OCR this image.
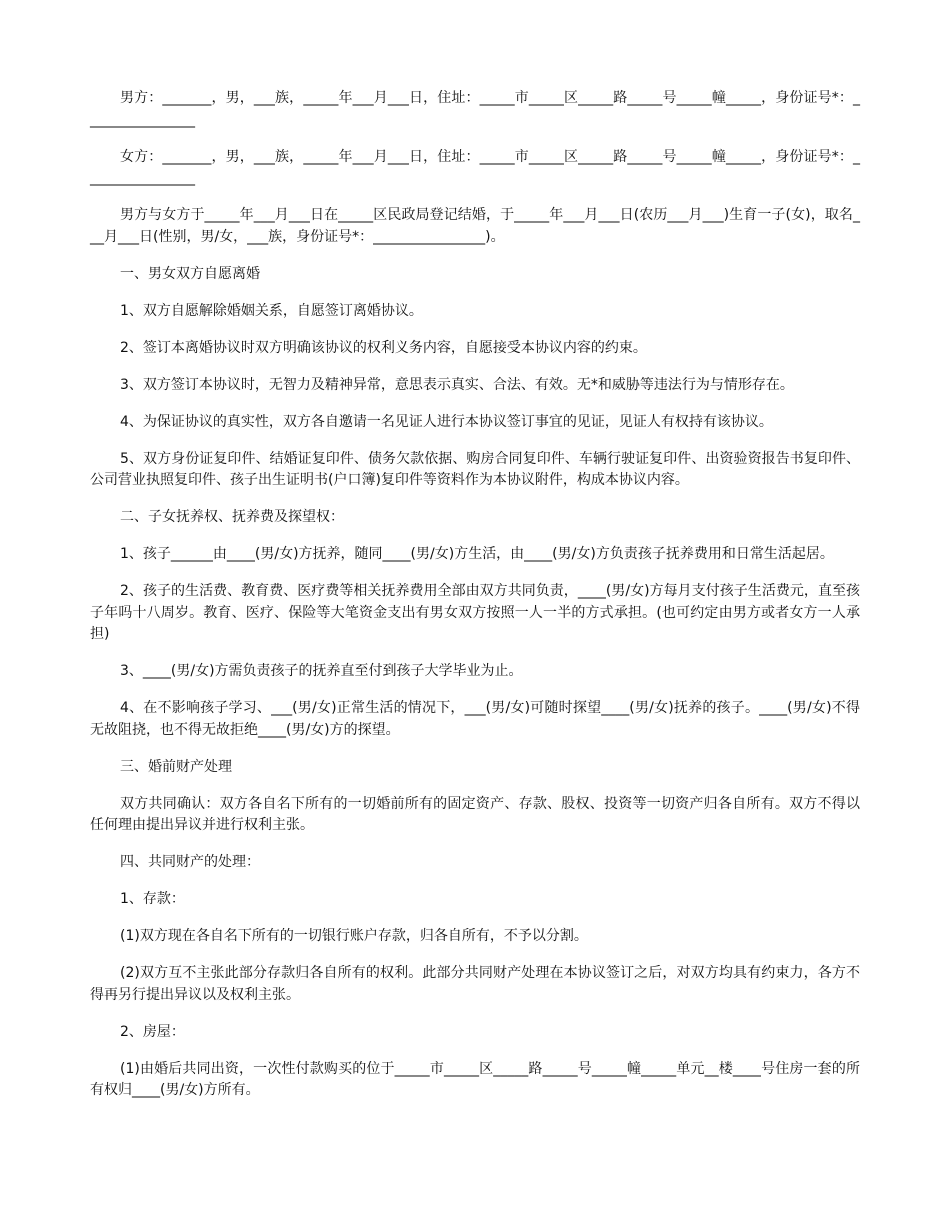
男方：_______，男，___族，_____年___月___日，住址：_____市_____区_____路_____号_____幢_____，身份证号*：________________

女方：_______，男，___族，_____年___月___日，住址：_____市_____区_____路_____号_____幢_____，身份证号*：________________

男方与女方于_____年___月___日在_____区民政局登记结婚，于_____年___月___日(农历___月___)生育一子(女)，取名___月___日(性别，男/女，___族，身份证号*：________________)。

一、男女双方自愿离婚

1、双方自愿解除婚姻关系，自愿签订离婚协议。

2、签订本离婚协议时双方明确该协议的权利义务内容，自愿接受本协议内容的约束。

3、双方签订本协议时，无智力及精神异常，意思表示真实、合法、有效。无*和威胁等违法行为与情形存在。

4、为保证协议的真实性，双方各自邀请一名见证人进行本协议签订事宜的见证，见证人有权持有该协议。

5、双方身份证复印件、结婚证复印件、债务欠款依据、购房合同复印件、车辆行驶证复印件、出资验资报告书复印件、公司营业执照复印件、孩子出生证明书(户口簿)复印件等资料作为本协议附件，构成本协议内容。

二、子女抚养权、抚养费及探望权：

1、孩子______由____(男/女)方抚养，随同____(男/女)方生活，由____(男/女)方负责孩子抚养费用和日常生活起居。

2、孩子的生活费、教育费、医疗费等相关抚养费用全部由双方共同负责，____(男/女)方每月支付孩子生活费元，直至孩子年吗十八周岁。教育、医疗、保险等大笔资金支出有男女双方按照一人一半的方式承担。(也可约定由男方或者女方一人承担)

3、____(男/女)方需负责孩子的抚养直至付到孩子大学毕业为止。

4、在不影响孩子学习、___(男/女)正常生活的情况下，___(男/女)可随时探望____(男/女)抚养的孩子。____(男/女)不得无故阻挠，也不得无故拒绝____(男/女)方的探望。

三、婚前财产处理

双方共同确认：双方各自名下所有的一切婚前所有的固定资产、存款、股权、投资等一切资产归各自所有。双方不得以任何理由提出异议并进行权利主张。

四、共同财产的处理：

1、存款：

(1)双方现在各自名下所有的一切银行账户存款，归各自所有，不予以分割。

(2)双方互不主张此部分存款归各自所有的权利。此部分共同财产处理在本协议签订之后，对双方均具有约束力，各方不得再另行提出异议以及权利主张。

2、房屋：

(1)由婚后共同出资，一次性付款购买的位于_____市_____区_____路_____号_____幢_____单元__楼____号住房一套的所有权归____(男/女)方所有。
